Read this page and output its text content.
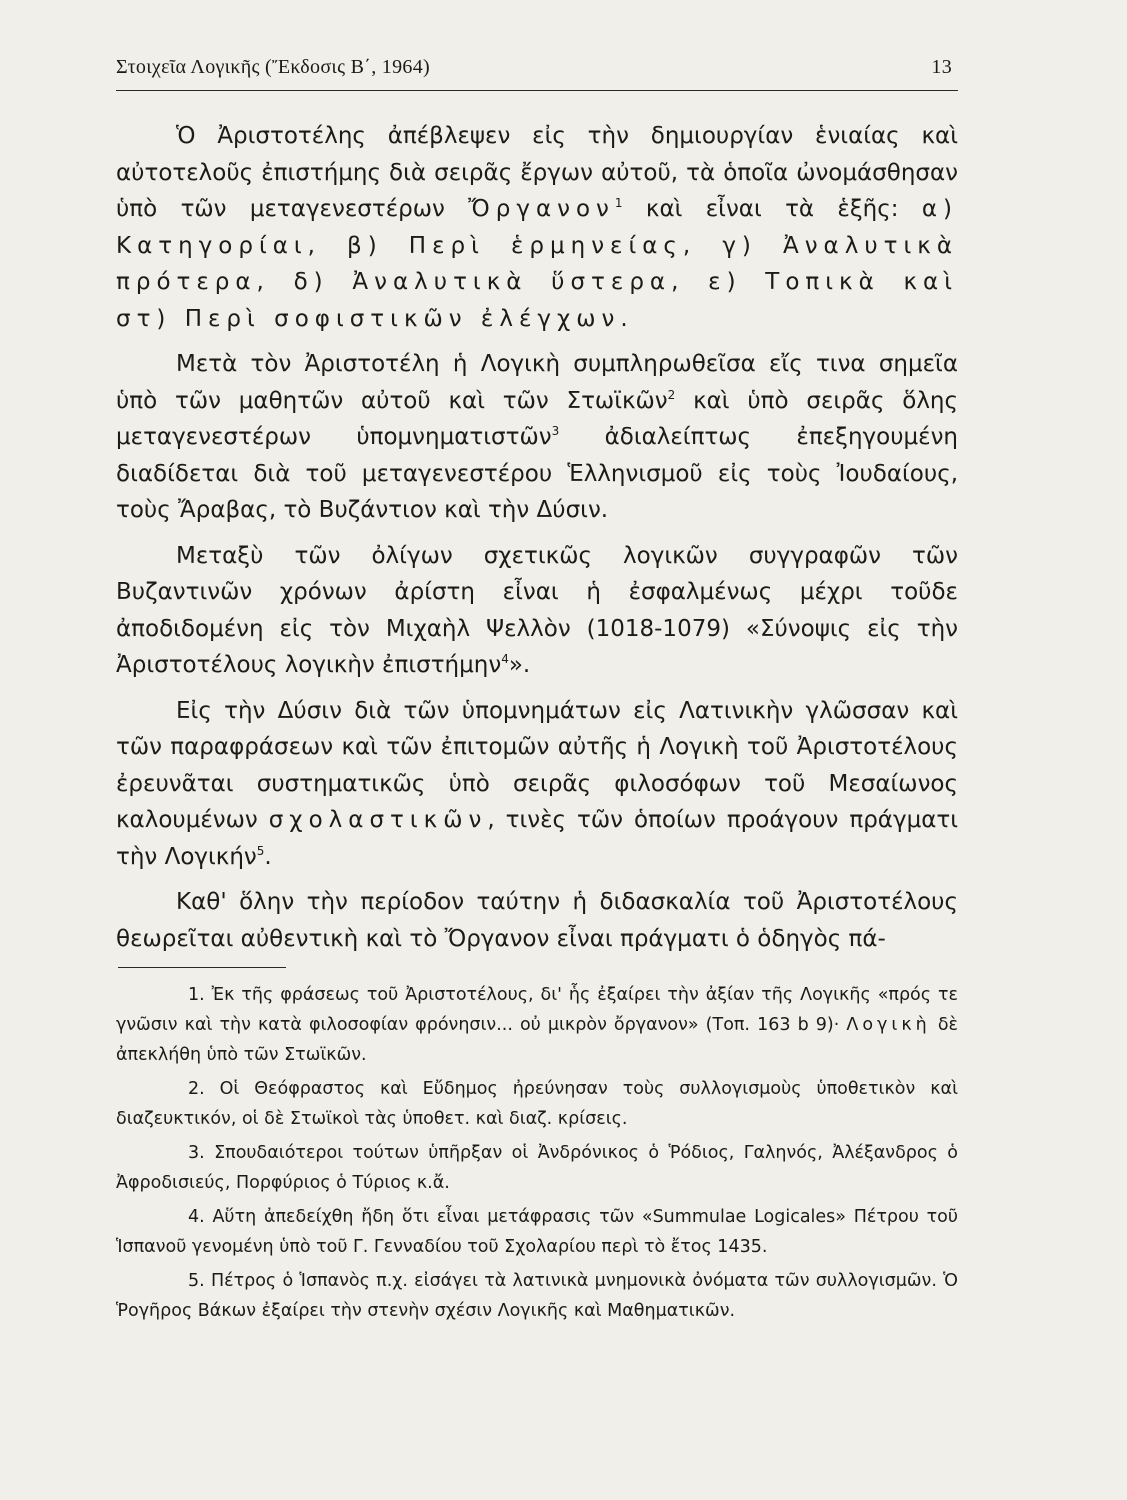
Στοιχεῖα Λογικῆς (Ἔκδοσις Β΄, 1964)	13

Ὁ Ἀριστοτέλης ἀπέβλεψεν εἰς τὴν δημιουργίαν ἑνιαίας καὶ αὐτοτελοῦς ἐπιστήμης διὰ σειρᾶς ἔργων αὐτοῦ, τὰ ὁποῖα ὠνομάσθησαν ὑπὸ τῶν μεταγενεστέρων Ὄργανον$^1$ καὶ εἶναι τὰ ἑξῆς: α) Κατηγορίαι, β) Περὶ ἑρμηνείας, γ) Ἀναλυτικὰ πρότερα, δ) Ἀναλυτικὰ ὕστερα, ε) Τοπικὰ καὶ στ) Περὶ σοφιστικῶν ἐλέγχων.

Μετὰ τὸν Ἀριστοτέλη ἡ Λογικὴ συμπληρωθεῖσα εἴς τινα σημεῖα ὑπὸ τῶν μαθητῶν αὐτοῦ καὶ τῶν Στωϊκῶν$^2$ καὶ ὑπὸ σειρᾶς ὅλης μεταγενεστέρων ὑπομνηματιστῶν$^3$ ἀδιαλείπτως ἐπεξηγουμένη διαδίδεται διὰ τοῦ μεταγενεστέρου Ἑλληνισμοῦ εἰς τοὺς Ἰουδαίους, τοὺς Ἄραβας, τὸ Βυζάντιον καὶ τὴν Δύσιν.

Μεταξὺ τῶν ὀλίγων σχετικῶς λογικῶν συγγραφῶν τῶν Βυζαντινῶν χρόνων ἀρίστη εἶναι ἡ ἐσφαλμένως μέχρι τοῦδε ἀποδιδομένη εἰς τὸν Μιχαὴλ Ψελλὸν (1018-1079) «Σύνοψις εἰς τὴν Ἀριστοτέλους λογικὴν ἐπιστήμην$^4$».

Εἰς τὴν Δύσιν διὰ τῶν ὑπομνημάτων εἰς Λατινικὴν γλῶσσαν καὶ τῶν παραφράσεων καὶ τῶν ἐπιτομῶν αὐτῆς ἡ Λογικὴ τοῦ Ἀριστοτέλους ἐρευνᾶται συστηματικῶς ὑπὸ σειρᾶς φιλοσόφων τοῦ Μεσαίωνος καλουμένων σχολαστικῶν, τινὲς τῶν ὁποίων προάγουν πράγματι τὴν Λογικήν$^5$.

Καθ' ὅλην τὴν περίοδον ταύτην ἡ διδασκαλία τοῦ Ἀριστοτέλους θεωρεῖται αὐθεντικὴ καὶ τὸ Ὄργανον εἶναι πράγματι ὁ ὁδηγὸς πά-

1. Ἐκ τῆς φράσεως τοῦ Ἀριστοτέλους, δι' ἧς ἐξαίρει τὴν ἀξίαν τῆς Λογικῆς «πρός τε γνῶσιν καὶ τὴν κατὰ φιλοσοφίαν φρόνησιν... οὐ μικρὸν ὄργανον» (Τοπ. 163 b 9)· Λογικὴ δὲ ἀπεκλήθη ὑπὸ τῶν Στωϊκῶν.

2. Οἱ Θεόφραστος καὶ Εὔδημος ἠρεύνησαν τοὺς συλλογισμοὺς ὑποθετικὸν καὶ διαζευκτικόν, οἱ δὲ Στωϊκοὶ τὰς ὑποθετ. καὶ διαζ. κρίσεις.

3. Σπουδαιότεροι τούτων ὑπῆρξαν οἱ Ἀνδρόνικος ὁ Ῥόδιος, Γαληνός, Ἀλέξανδρος ὁ Ἀφροδισιεύς, Πορφύριος ὁ Τύριος κ.ἄ.

4. Αὕτη ἀπεδείχθη ἤδη ὅτι εἶναι μετάφρασις τῶν «Summulae Logicales» Πέτρου τοῦ Ἱσπανοῦ γενομένη ὑπὸ τοῦ Γ. Γενναδίου τοῦ Σχολαρίου περὶ τὸ ἔτος 1435.

5. Πέτρος ὁ Ἱσπανὸς π.χ. εἰσάγει τὰ λατινικὰ μνημονικὰ ὀνόματα τῶν συλλογισμῶν. Ὁ Ῥογῆρος Βάκων ἐξαίρει τὴν στενὴν σχέσιν Λογικῆς καὶ Μαθηματικῶν.
